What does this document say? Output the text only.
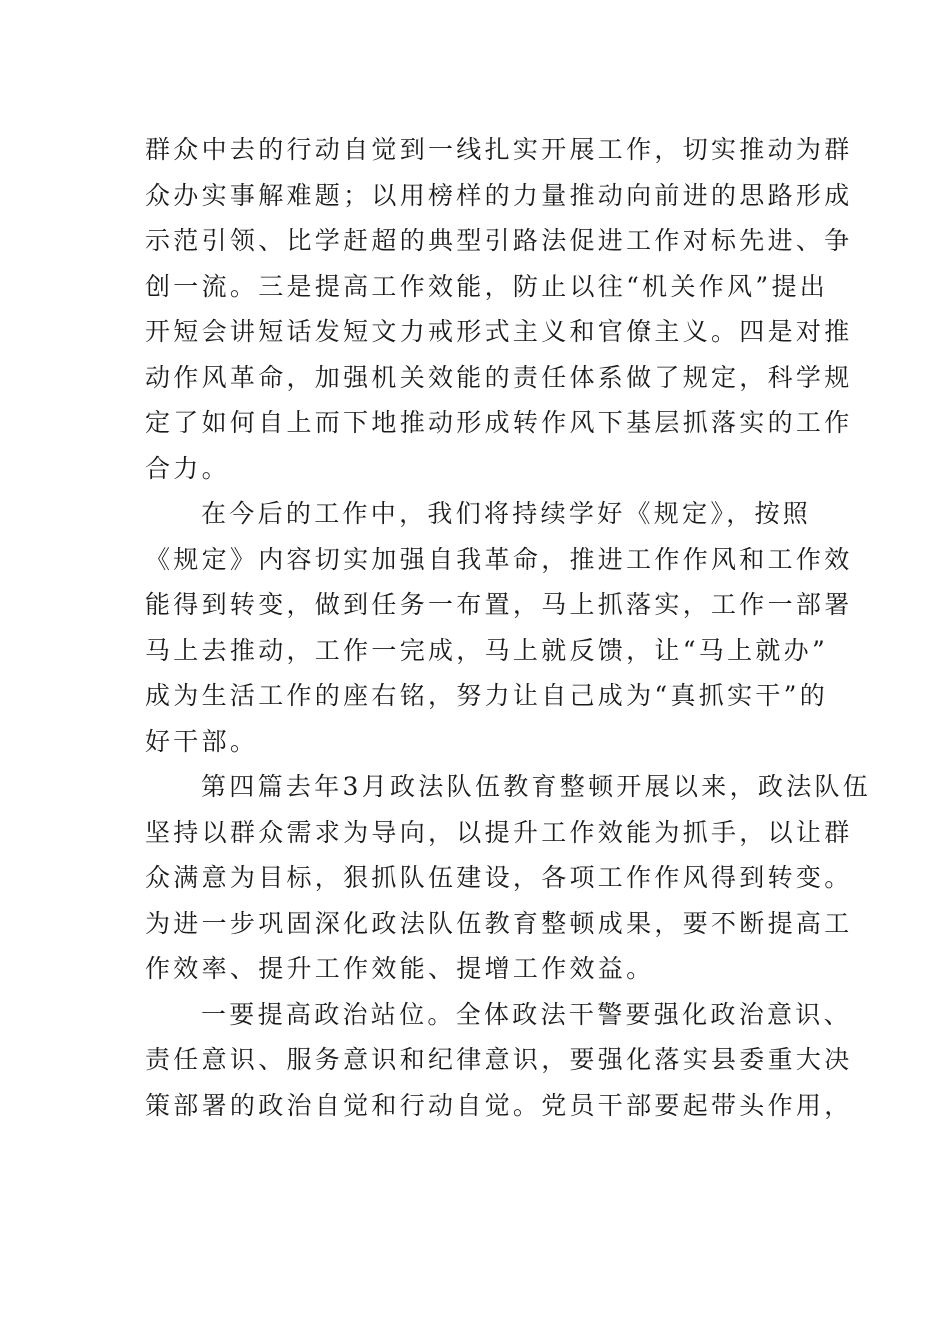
群众中去的行动自觉到一线扎实开展工作，切实推动为群
众办实事解难题；以用榜样的力量推动向前进的思路形成
示范引领、比学赶超的典型引路法促进工作对标先进、争
创一流。三是提高工作效能，防止以往“机关作风”提出
开短会讲短话发短文力戒形式主义和官僚主义。四是对推
动作风革命，加强机关效能的责任体系做了规定，科学规
定了如何自上而下地推动形成转作风下基层抓落实的工作
合力。
在今后的工作中，我们将持续学好《规定》，按照
《规定》内容切实加强自我革命，推进工作作风和工作效
能得到转变，做到任务一布置，马上抓落实，工作一部署
马上去推动，工作一完成，马上就反馈，让“马上就办”
成为生活工作的座右铭，努力让自己成为“真抓实干”的
好干部。
第四篇去年3月政法队伍教育整顿开展以来，政法队伍
坚持以群众需求为导向，以提升工作效能为抓手，以让群
众满意为目标，狠抓队伍建设，各项工作作风得到转变。
为进一步巩固深化政法队伍教育整顿成果，要不断提高工
作效率、提升工作效能、提增工作效益。
一要提高政治站位。全体政法干警要强化政治意识、
责任意识、服务意识和纪律意识，要强化落实县委重大决
策部署的政治自觉和行动自觉。党员干部要起带头作用，
